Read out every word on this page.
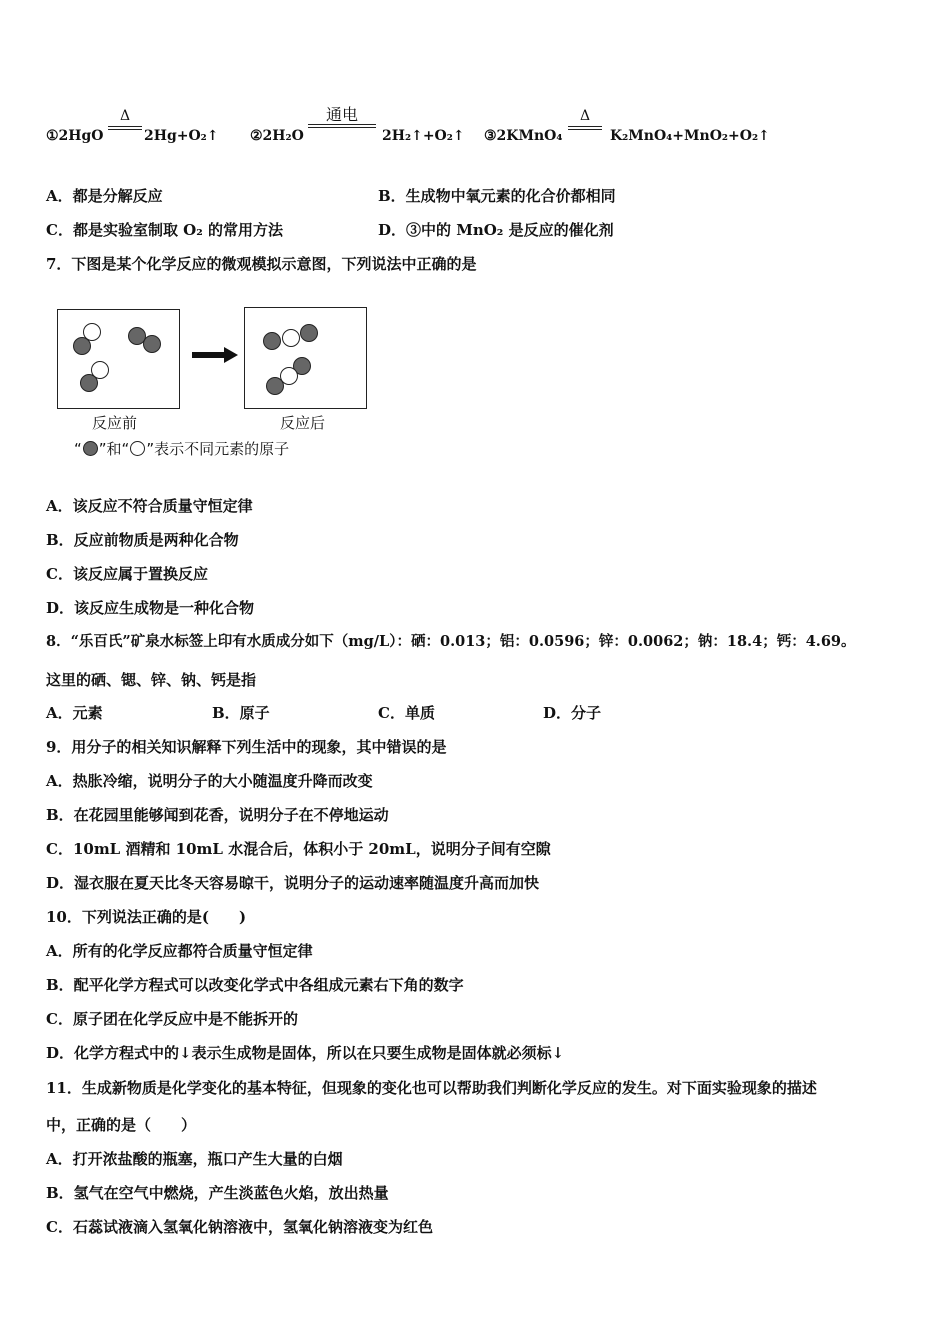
①2HgO
Δ
2Hg+O₂↑ ②2H₂O
通电
2H₂↑+O₂↑ ③2KMnO₄
Δ
K₂MnO₄+MnO₂+O₂↑
A．都是分解反应	B．生成物中氧元素的化合价都相同
C．都是实验室制取 O₂ 的常用方法	D．③中的 MnO₂ 是反应的催化剂
7．下图是某个化学反应的微观模拟示意图，下列说法中正确的是
反应前	反应后
“ ”和“ ”表示不同元素的原子
A．该反应不符合质量守恒定律
B．反应前物质是两种化合物
C．该反应属于置换反应
D．该反应生成物是一种化合物
8．“乐百氏”矿泉水标签上印有水质成分如下（mg/L）：硒：0.013；铝：0.0596；锌：0.0062；钠：18.4；钙：4.69。
这里的硒、锶、锌、钠、钙是指
A．元素	B．原子	C．单质	D．分子
9．用分子的相关知识解释下列生活中的现象，其中错误的是
A．热胀冷缩，说明分子的大小随温度升降而改变
B．在花园里能够闻到花香，说明分子在不停地运动
C．10mL 酒精和 10mL 水混合后，体积小于 20mL，说明分子间有空隙
D．湿衣服在夏天比冬天容易晾干，说明分子的运动速率随温度升高而加快
10．下列说法正确的是(　　)
A．所有的化学反应都符合质量守恒定律
B．配平化学方程式可以改变化学式中各组成元素右下角的数字
C．原子团在化学反应中是不能拆开的
D．化学方程式中的↓表示生成物是固体，所以在只要生成物是固体就必须标↓
11．生成新物质是化学变化的基本特征，但现象的变化也可以帮助我们判断化学反应的发生。对下面实验现象的描述
中，正确的是（　　）
A．打开浓盐酸的瓶塞，瓶口产生大量的白烟
B．氢气在空气中燃烧，产生淡蓝色火焰，放出热量
C．石蕊试液滴入氢氧化钠溶液中，氢氧化钠溶液变为红色
